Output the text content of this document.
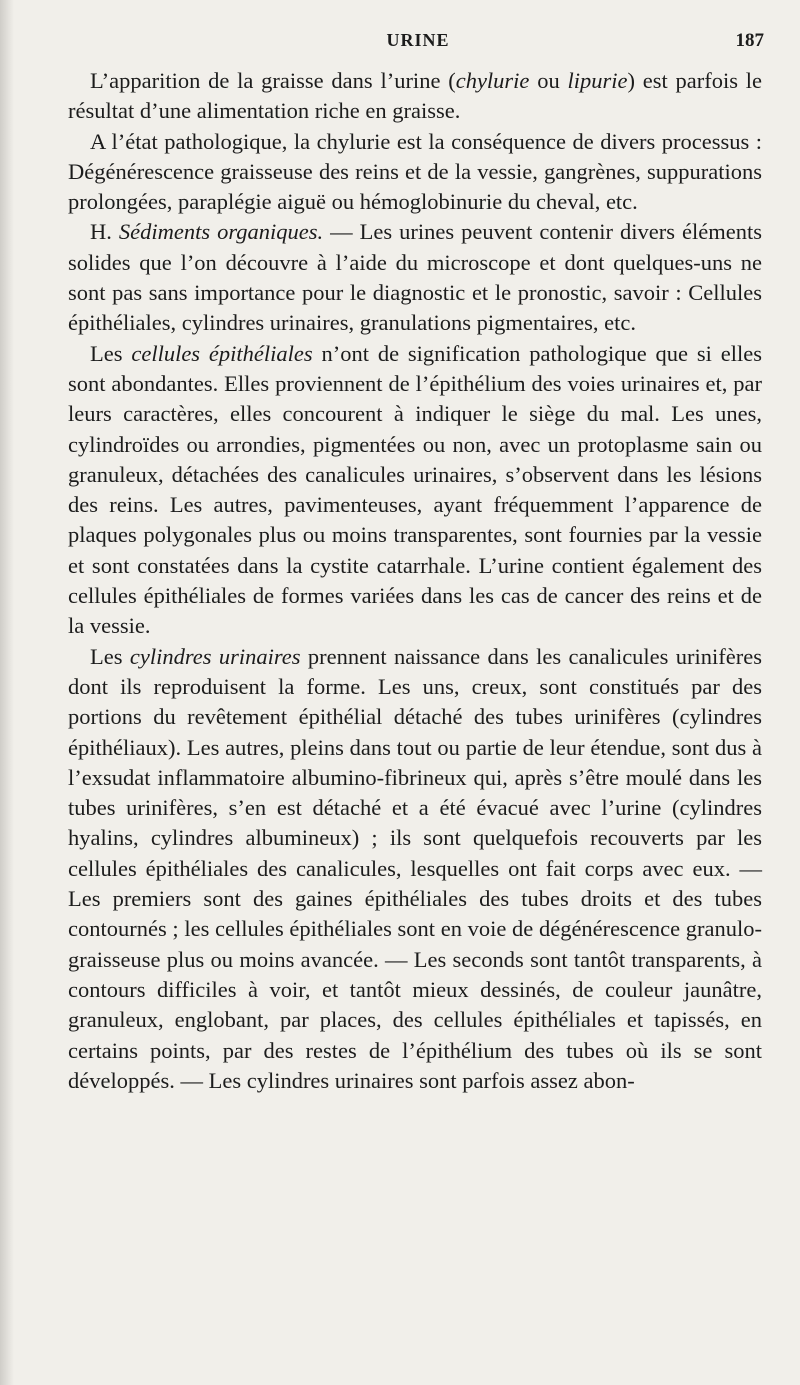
URINE	187

L’apparition de la graisse dans l’urine (chylurie ou lipurie) est parfois le résultat d’une alimentation riche en graisse.

A l’état pathologique, la chylurie est la conséquence de divers processus : Dégénérescence graisseuse des reins et de la vessie, gangrènes, suppurations prolongées, paraplégie aiguë ou hémoglobinurie du cheval, etc.

H. Sédiments organiques. — Les urines peuvent contenir divers éléments solides que l’on découvre à l’aide du microscope et dont quelques-uns ne sont pas sans importance pour le diagnostic et le pronostic, savoir : Cellules épithéliales, cylindres urinaires, granulations pigmentaires, etc.

Les cellules épithéliales n’ont de signification pathologique que si elles sont abondantes. Elles proviennent de l’épithélium des voies urinaires et, par leurs caractères, elles concourent à indiquer le siège du mal. Les unes, cylindroïdes ou arrondies, pigmentées ou non, avec un protoplasme sain ou granuleux, détachées des canalicules urinaires, s’observent dans les lésions des reins. Les autres, pavimenteuses, ayant fréquemment l’apparence de plaques polygonales plus ou moins transparentes, sont fournies par la vessie et sont constatées dans la cystite catarrhale. L’urine contient également des cellules épithéliales de formes variées dans les cas de cancer des reins et de la vessie.

Les cylindres urinaires prennent naissance dans les canalicules urinifères dont ils reproduisent la forme. Les uns, creux, sont constitués par des portions du revêtement épithélial détaché des tubes urinifères (cylindres épithéliaux). Les autres, pleins dans tout ou partie de leur étendue, sont dus à l’exsudat inflammatoire albumino-fibrineux qui, après s’être moulé dans les tubes urinifères, s’en est détaché et a été évacué avec l’urine (cylindres hyalins, cylindres albumineux) ; ils sont quelquefois recouverts par les cellules épithéliales des canalicules, lesquelles ont fait corps avec eux. — Les premiers sont des gaines épithéliales des tubes droits et des tubes contournés ; les cellules épithéliales sont en voie de dégénérescence granulo-graisseuse plus ou moins avancée. — Les seconds sont tantôt transparents, à contours difficiles à voir, et tantôt mieux dessinés, de couleur jaunâtre, granuleux, englobant, par places, des cellules épithéliales et tapissés, en certains points, par des restes de l’épithélium des tubes où ils se sont développés. — Les cylindres urinaires sont parfois assez abon-
